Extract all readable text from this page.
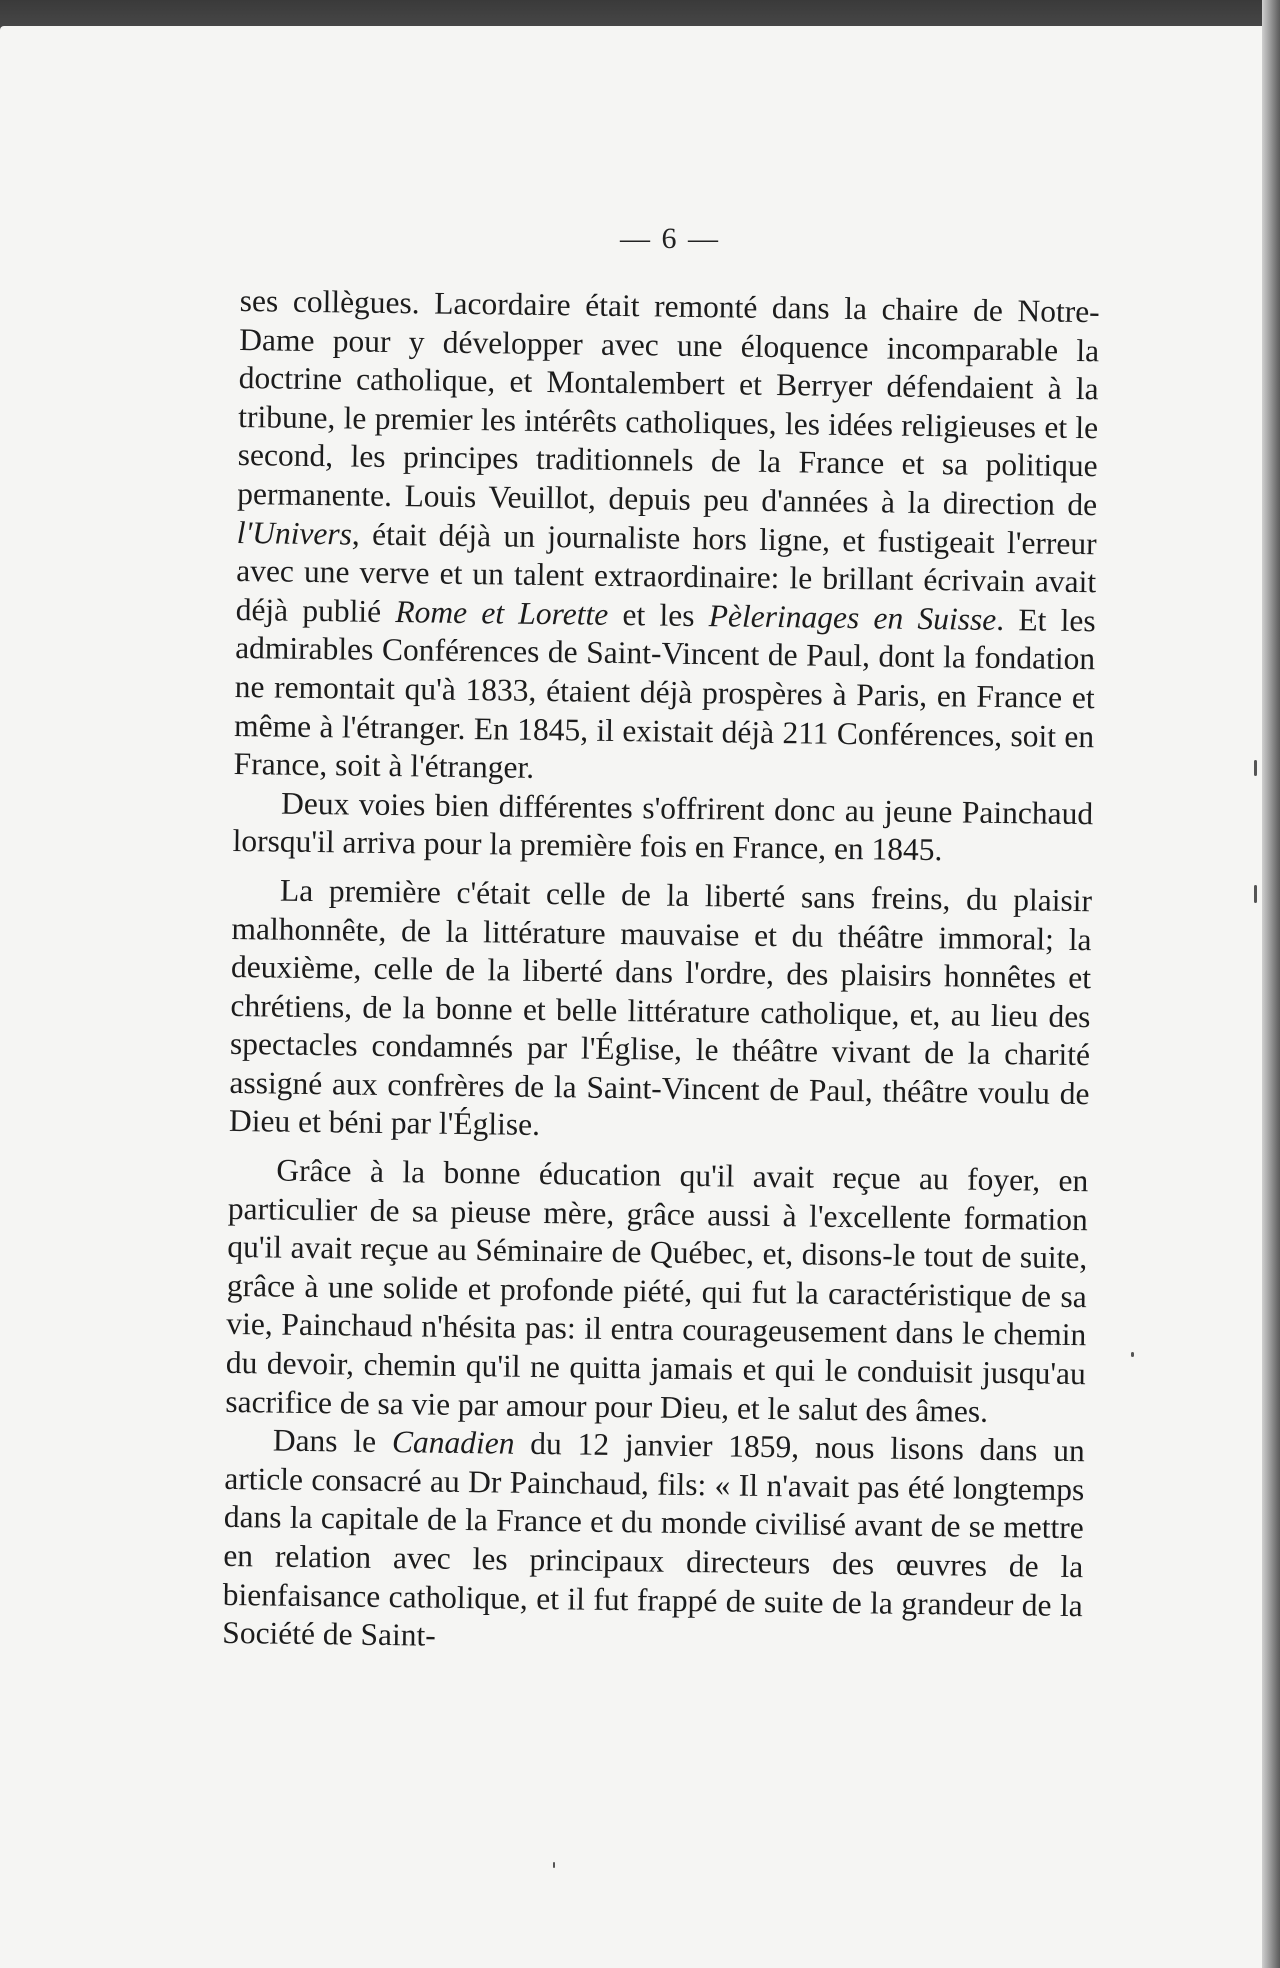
— 6 —

ses collègues. Lacordaire était remonté dans la chaire de Notre-Dame pour y développer avec une éloquence incomparable la doctrine catholique, et Montalembert et Berryer défendaient à la tribune, le premier les intérêts catholiques, les idées religieuses et le second, les principes traditionnels de la France et sa politique permanente. Louis Veuillot, depuis peu d'années à la direction de l'Univers, était déjà un journaliste hors ligne, et fustigeait l'erreur avec une verve et un talent extraordinaire: le brillant écrivain avait déjà publié Rome et Lorette et les Pèlerinages en Suisse. Et les admirables Conférences de Saint-Vincent de Paul, dont la fondation ne remontait qu'à 1833, étaient déjà prospères à Paris, en France et même à l'étranger. En 1845, il existait déjà 211 Conférences, soit en France, soit à l'étranger.

Deux voies bien différentes s'offrirent donc au jeune Painchaud lorsqu'il arriva pour la première fois en France, en 1845.

La première c'était celle de la liberté sans freins, du plaisir malhonnête, de la littérature mauvaise et du théâtre immoral; la deuxième, celle de la liberté dans l'ordre, des plaisirs honnêtes et chrétiens, de la bonne et belle littérature catholique, et, au lieu des spectacles condamnés par l'Église, le théâtre vivant de la charité assigné aux confrères de la Saint-Vincent de Paul, théâtre voulu de Dieu et béni par l'Église.

Grâce à la bonne éducation qu'il avait reçue au foyer, en particulier de sa pieuse mère, grâce aussi à l'excellente formation qu'il avait reçue au Séminaire de Québec, et, disons-le tout de suite, grâce à une solide et profonde piété, qui fut la caractéristique de sa vie, Painchaud n'hésita pas: il entra courageusement dans le chemin du devoir, chemin qu'il ne quitta jamais et qui le conduisit jusqu'au sacrifice de sa vie par amour pour Dieu, et le salut des âmes.

Dans le Canadien du 12 janvier 1859, nous lisons dans un article consacré au Dr Painchaud, fils: « Il n'avait pas été longtemps dans la capitale de la France et du monde civilisé avant de se mettre en relation avec les principaux directeurs des œuvres de la bienfaisance catholique, et il fut frappé de suite de la grandeur de la Société de Saint-
